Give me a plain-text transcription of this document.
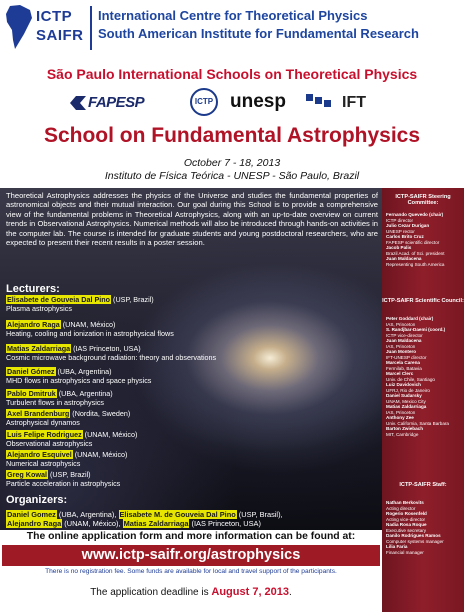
ICTP
SAIFR
International Centre for Theoretical Physics
South American Institute for Fundamental Research
São Paulo International Schools on Theoretical Physics
FAPESP	ICTP unesp	IFT
School on Fundamental Astrophysics
October 7 - 18, 2013
Instituto de Física Teórica - UNESP - São Paulo, Brazil
Theoretical Astrophysics addresses the physics of the Universe and studies the fundamental properties of astronomical objects and their mutual interaction. Our goal during this School is to provide a comprehensive view of the fundamental problems in Theoretical Astrophysics, along with an up-to-date overview on current trends in Observational Astrophysics. Numerical methods will also be introduced through hands-on activities in the computer lab. The course is intended for graduate students and young postdoctoral researchers, who are expected to present their recent results in a poster session.
Lecturers:
Elisabete de Gouveia Dal Pino (USP, Brazil)
Plasma astrophysics
Alejandro Raga (UNAM, México)
Heating, cooling and ionization in astrophysical flows
Matias Zaldarriaga (IAS Princeton, USA)
Cosmic microwave background radiation: theory and observations
Daniel Gómez (UBA, Argentina)
MHD flows in astrophysics and space physics
Pablo Dmitruk (UBA, Argentina)
Turbulent flows in astrophysics
Axel Brandenburg (Nordita, Sweden)
Astrophysical dynamos
Luis Felipe Rodriguez (UNAM, México)
Observational astrophysics
Alejandro Esquivel (UNAM, México)
Numerical astrophysics
Greg Kowal (USP, Brazil)
Particle acceleration in astrophysics
Organizers:
Daniel Gomez (UBA, Argentina), Elisabete M. de Gouveia Dal Pino (USP, Brasil),
Alejandro Raga (UNAM, México), Matias Zaldarriaga (IAS Princeton, USA)
ICTP-SAIFR Steering Committee:
Fernando Quevedo (chair)
ICTP director
Julio Cezar Durigan
UNESP rector
Carlos Brito Cruz
FAPESP scientific director
Jacob Palis
Brazil Acad. of Sci. president
Juan Maldacena
Representing South America
ICTP-SAIFR Scientific Council:
Peter Goddard (chair)
IAS, Princeton
S. Randjbar-Daemi (coord.)
ICTP vice-director
Juan Maldacena
IAS, Princeton
Juan Montero
IFT-UNESP director
Marcela Carena
Fermilab, Batavia
Marcel Clerc
Univ. de Chile, Santiago
Luiz Davidovich
UFRJ, Rio de Janeiro
Daniel Sudarsky
UNAM, Mexico City
Matias Zaldarriaga
IAS, Princeton
Anthony Zee
Univ. California, Santa Barbara
Barton Zwiebach
MIT, Cambridge
ICTP-SAIFR Staff:
Nathan Berkovits
Acting director
Rogerio Rosenfeld
Acting vice-director
Nadia Rosa Roque
Executive secretary
Danilo Rodrigues Ramos
Computer systems manager
Lilia Faria
Financial manager
The online application form and more information can be found at:
www.ictp-saifr.org/astrophysics
There is no registration fee. Some funds are available for local and travel support of the participants.
The application deadline is August 7, 2013.
